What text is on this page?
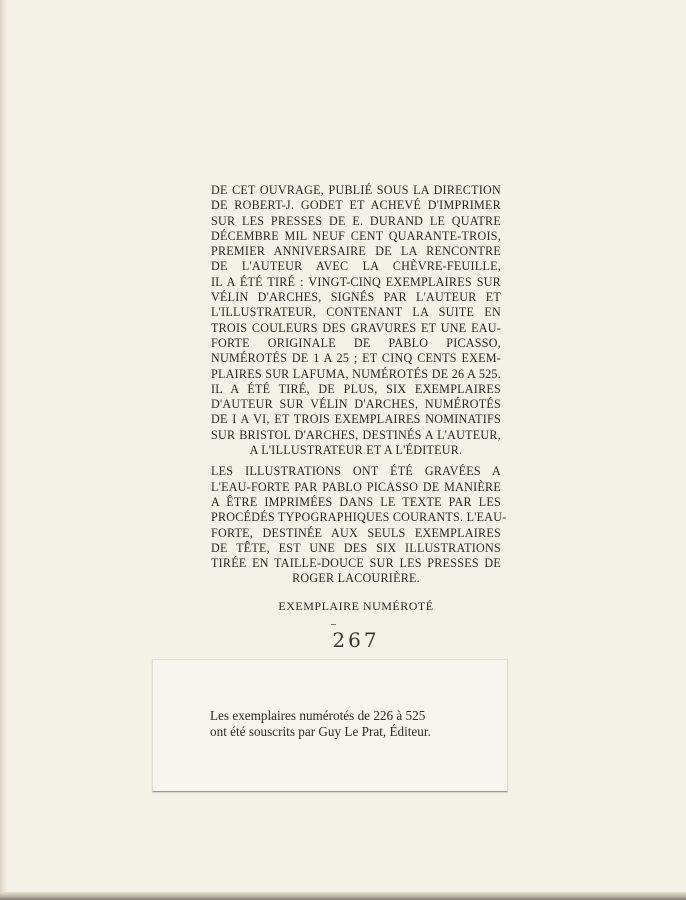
DE CET OUVRAGE, PUBLIÉ SOUS LA DIRECTION
DE ROBERT-J. GODET ET ACHEVÉ D'IMPRIMER
SUR LES PRESSES DE E. DURAND LE QUATRE
DÉCEMBRE MIL NEUF CENT QUARANTE-TROIS,
PREMIER ANNIVERSAIRE DE LA RENCONTRE
DE L'AUTEUR AVEC LA CHÈVRE-FEUILLE,
IL A ÉTÉ TIRÉ : VINGT-CINQ EXEMPLAIRES SUR
VÉLIN D'ARCHES, SIGNÉS PAR L'AUTEUR ET
L'ILLUSTRATEUR, CONTENANT LA SUITE EN
TROIS COULEURS DES GRAVURES ET UNE EAU-
FORTE ORIGINALE DE PABLO PICASSO,
NUMÉROTÉS DE 1 A 25 ; ET CINQ CENTS EXEM-
PLAIRES SUR LAFUMA, NUMÉROTÉS DE 26 A 525.
IL A ÉTÉ TIRÉ, DE PLUS, SIX EXEMPLAIRES
D'AUTEUR SUR VÉLIN D'ARCHES, NUMÉROTÉS
DE I A VI, ET TROIS EXEMPLAIRES NOMINATIFS
SUR BRISTOL D'ARCHES, DESTINÉS A L'AUTEUR,
A L'ILLUSTRATEUR ET A L'ÉDITEUR.
LES ILLUSTRATIONS ONT ÉTÉ GRAVÉES A
L'EAU-FORTE PAR PABLO PICASSO DE MANIÈRE
A ÊTRE IMPRIMÉES DANS LE TEXTE PAR LES
PROCÉDÉS TYPOGRAPHIQUES COURANTS. L'EAU-
FORTE, DESTINÉE AUX SEULS EXEMPLAIRES
DE TÊTE, EST UNE DES SIX ILLUSTRATIONS
TIRÉE EN TAILLE-DOUCE SUR LES PRESSES DE
ROGER LACOURIÈRE.
EXEMPLAIRE NUMÉROTÉ
267
Les exemplaires numérotés de 226 à 525
ont été souscrits par Guy Le Prat, Éditeur.
